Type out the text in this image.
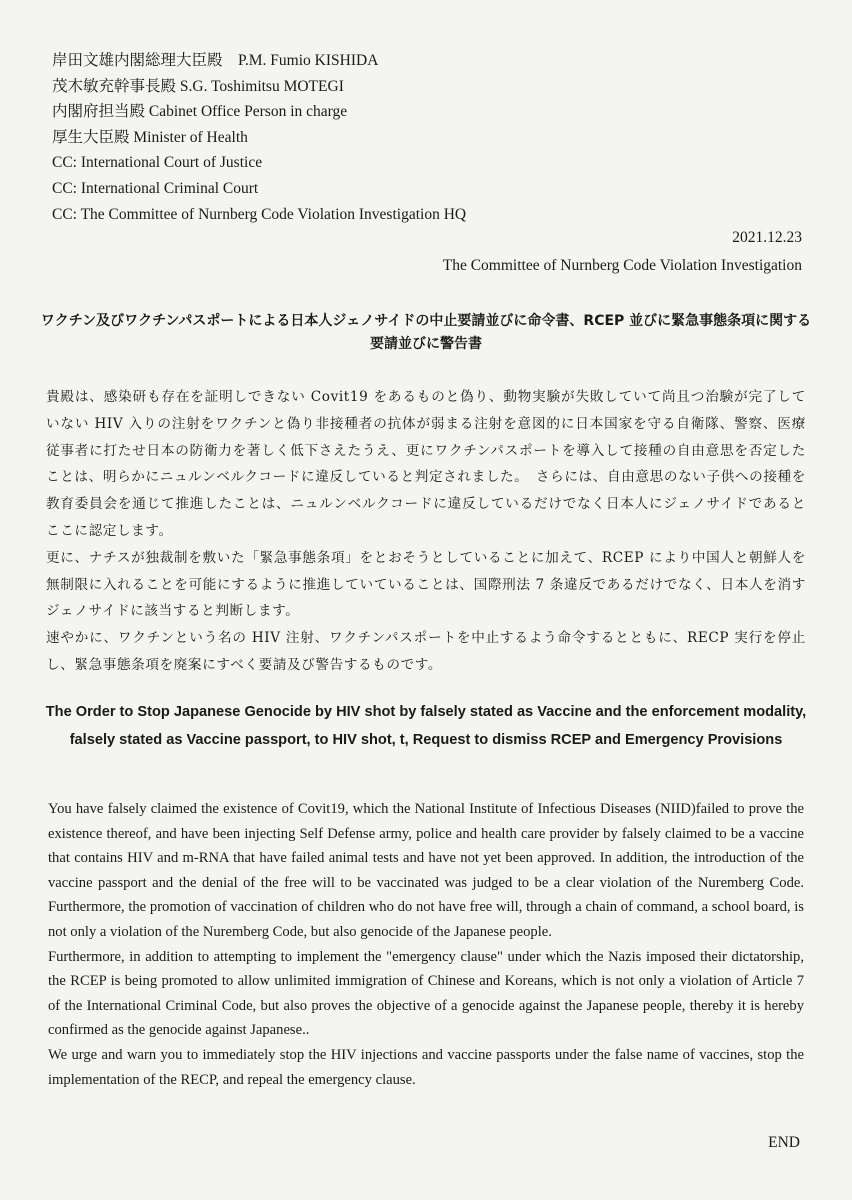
岸田文雄内閣総理大臣殿　P.M. Fumio KISHIDA
茂木敏充幹事長殿 S.G. Toshimitsu MOTEGI
内閣府担当殿 Cabinet Office Person in charge
厚生大臣殿 Minister of Health
CC: International Court of Justice
CC: International Criminal Court
CC: The Committee of Nurnberg Code Violation Investigation HQ
2021.12.23
The Committee of Nurnberg Code Violation Investigation
ワクチン及びワクチンパスポートによる日本人ジェノサイドの中止要請並びに命令書、RCEP 並びに緊急事態条項に関する要請並びに警告書

貴殿は、感染研も存在を証明しできない Covit19 をあるものと偽り、動物実験が失敗していて尚且つ治験が完了していない HIV 入りの注射をワクチンと偽り非接種者の抗体が弱まる注射を意図的に日本国家を守る自衛隊、警察、医療従事者に打たせ日本の防衛力を著しく低下さえたうえ、更にワクチンパスポートを導入して接種の自由意思を否定したことは、明らかにニュルンベルクコードに違反していると判定されました。　さらには、自由意思のない子供への接種を教育委員会を通じて推進したことは、ニュルンベルクコードに違反しているだけでなく日本人にジェノサイドであるとここに認定します。

更に、ナチスが独裁制を敷いた「緊急事態条項」をとおそうとしていることに加えて、RCEP により中国人と朝鮮人を無制限に入れることを可能にするように推進していていることは、国際刑法 7 条違反であるだけでなく、日本人を消すジェノサイドに該当すると判断します。

速やかに、ワクチンという名の HIV 注射、ワクチンパスポートを中止するよう命令するとともに、RECP 実行を停止し、緊急事態条項を廃案にすべく要請及び警告するものです。

The Order to Stop Japanese Genocide by HIV shot by falsely stated as Vaccine and the enforcement modality,
falsely stated as Vaccine passport, to HIV shot, t, Request to dismiss RCEP and Emergency Provisions

You have falsely claimed the existence of Covit19, which the National Institute of Infectious Diseases (NIID)failed to prove the existence thereof, and have been injecting Self Defense army, police and health care provider by falsely claimed to be a vaccine that contains HIV and m-RNA that have failed animal tests and have not yet been approved. In addition, the introduction of the vaccine passport and the denial of the free will to be vaccinated was judged to be a clear violation of the Nuremberg Code. Furthermore, the promotion of vaccination of children who do not have free will, through a chain of command, a school board, is not only a violation of the Nuremberg Code, but also genocide of the Japanese people.

Furthermore, in addition to attempting to implement the "emergency clause" under which the Nazis imposed their dictatorship, the RCEP is being promoted to allow unlimited immigration of Chinese and Koreans, which is not only a violation of Article 7 of the International Criminal Code, but also proves the objective of a genocide against the Japanese people, thereby it is hereby confirmed as the genocide against Japanese..

We urge and warn you to immediately stop the HIV injections and vaccine passports under the false name of vaccines, stop the implementation of the RECP, and repeal the emergency clause.

END
